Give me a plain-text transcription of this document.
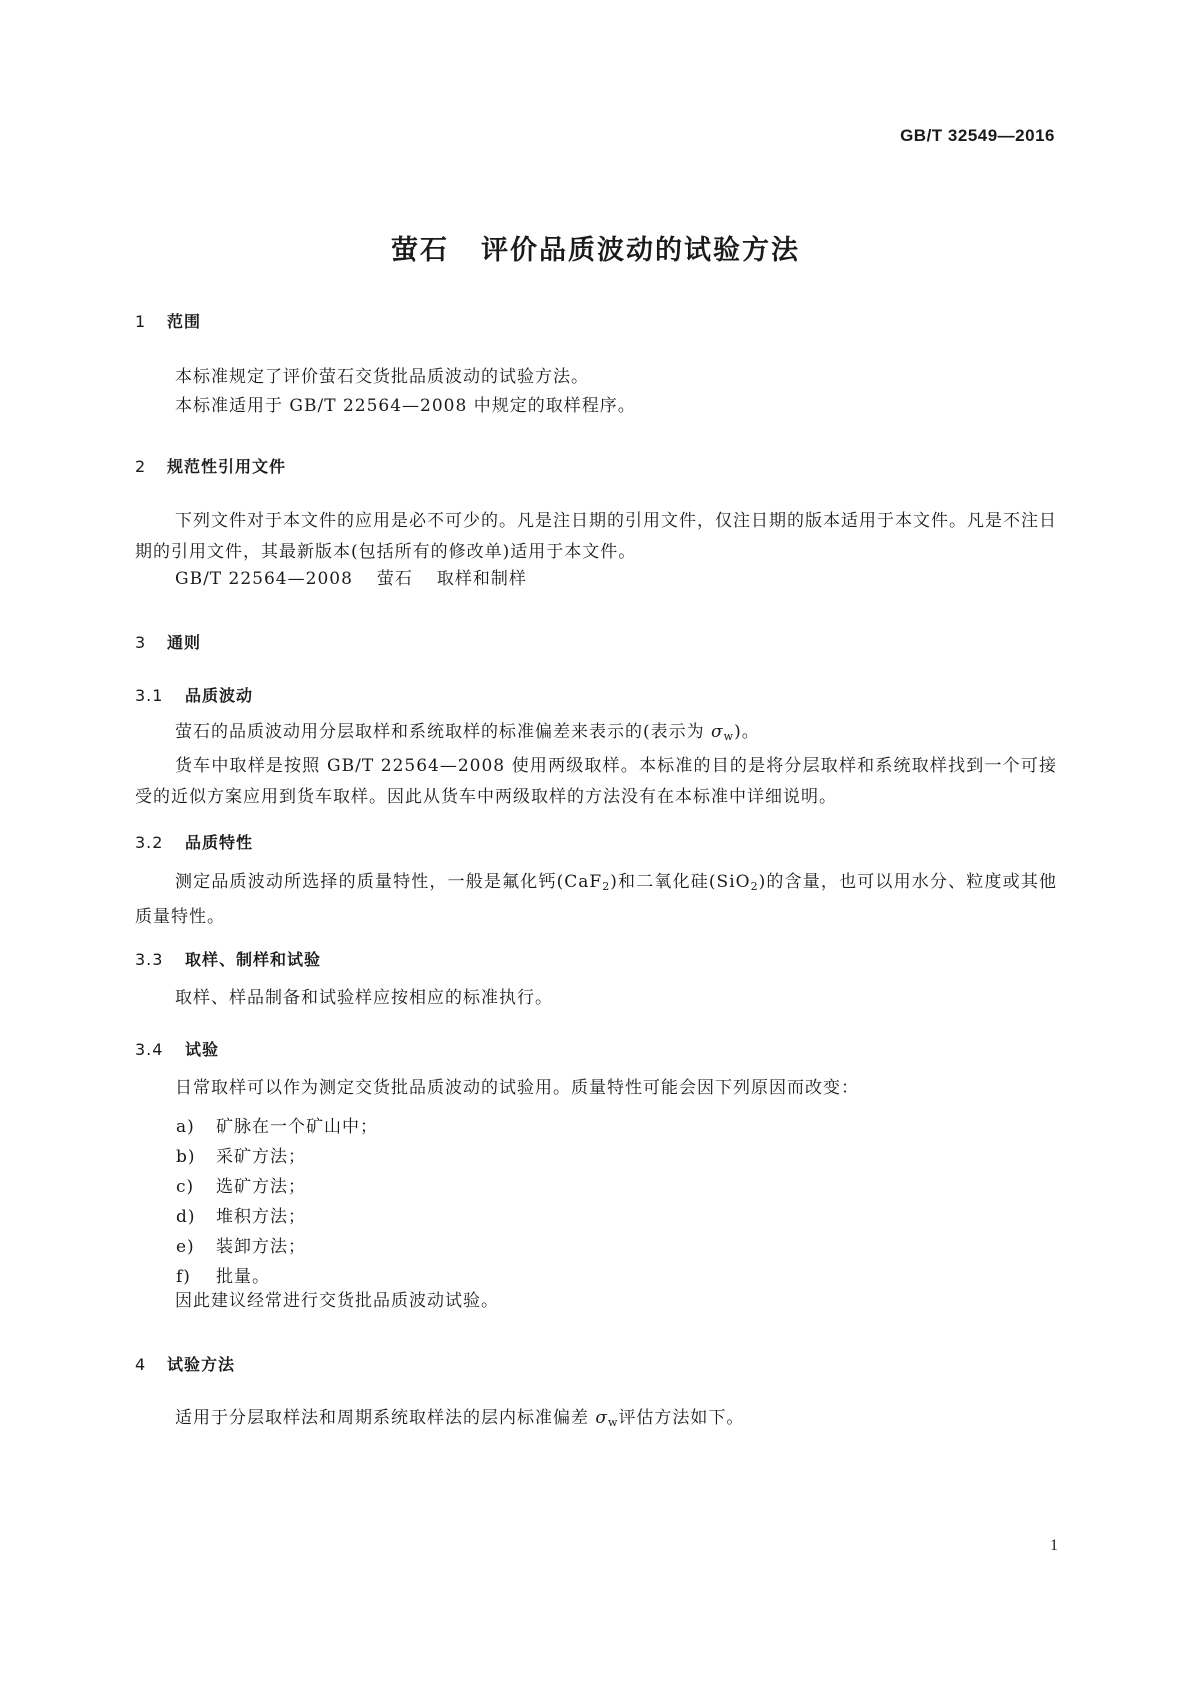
GB/T 32549—2016
萤石 评价品质波动的试验方法
1 范围
本标准规定了评价萤石交货批品质波动的试验方法。
本标准适用于 GB/T 22564—2008 中规定的取样程序。
2 规范性引用文件
下列文件对于本文件的应用是必不可少的。凡是注日期的引用文件，仅注日期的版本适用于本文件。凡是不注日期的引用文件，其最新版本(包括所有的修改单)适用于本文件。
GB/T 22564—2008 萤石 取样和制样
3 通则
3.1 品质波动
萤石的品质波动用分层取样和系统取样的标准偏差来表示的(表示为 $\sigma_w$)。
货车中取样是按照 GB/T 22564—2008 使用两级取样。本标准的目的是将分层取样和系统取样找到一个可接受的近似方案应用到货车取样。因此从货车中两级取样的方法没有在本标准中详细说明。
3.2 品质特性
测定品质波动所选择的质量特性，一般是氟化钙(CaF$_2$)和二氧化硅(SiO$_2$)的含量，也可以用水分、粒度或其他质量特性。
3.3 取样、制样和试验
取样、样品制备和试验样应按相应的标准执行。
3.4 试验
日常取样可以作为测定交货批品质波动的试验用。质量特性可能会因下列原因而改变：
a) 矿脉在一个矿山中；
b) 采矿方法；
c) 选矿方法；
d) 堆积方法；
e) 装卸方法；
f) 批量。
因此建议经常进行交货批品质波动试验。
4 试验方法
适用于分层取样法和周期系统取样法的层内标准偏差 $\sigma_w$评估方法如下。
1
